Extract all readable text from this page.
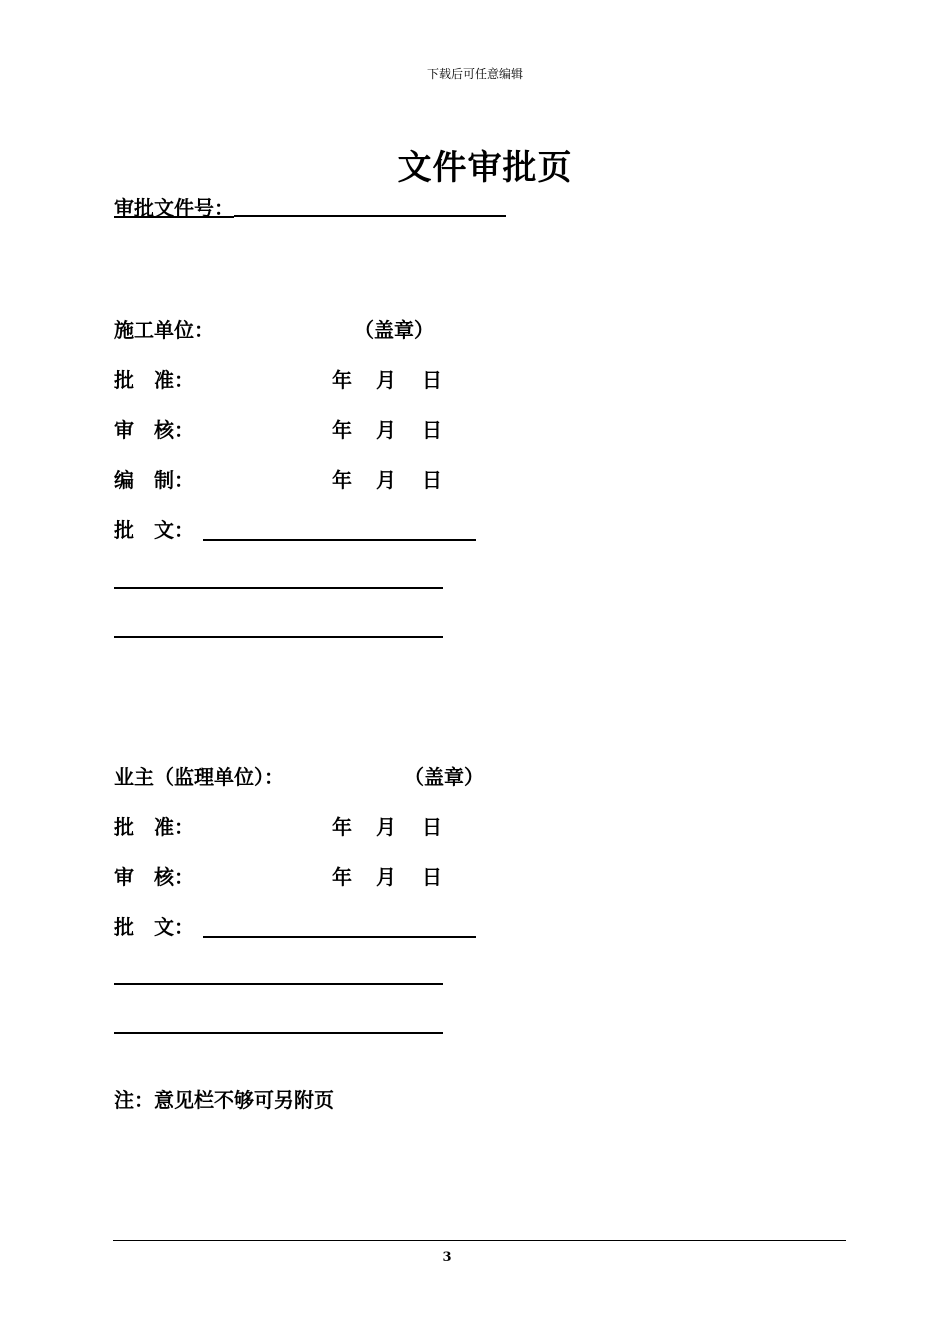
下载后可任意编辑
文件审批页
审批文件号：
施工单位：	（盖章）
批　准：	年 月 日
审　核：	年 月 日
编　制：	年 月 日
批　文：
业主（监理单位）：	（盖章）
批　准：	年 月 日
审　核：	年 月 日
批　文：
注：意见栏不够可另附页
3
